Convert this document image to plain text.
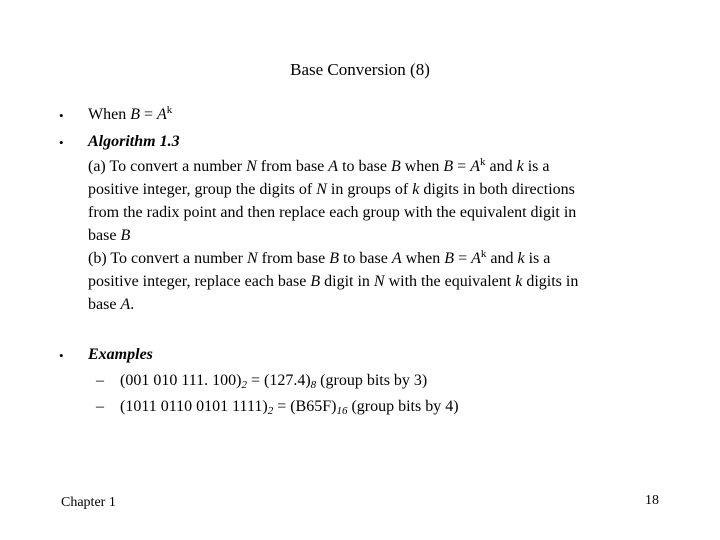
Base Conversion (8)
• When $B = A^k$
• Algorithm 1.3
(a) To convert a number N from base A to base B when $B = A^k$ and k is a
positive integer, group the digits of N in groups of k digits in both directions
from the radix point and then replace each group with the equivalent digit in
base B
(b) To convert a number N from base B to base A when $B = A^k$ and k is a
positive integer, replace each base B digit in N with the equivalent k digits in
base A.
• Examples
– (001 010 111. $100)_2 = (127.4)_8$ (group bits by 3)
– (1011 0110 0101 $1111)_2 = (B65F)_{16}$ (group bits by 4)
Chapter 1	18
